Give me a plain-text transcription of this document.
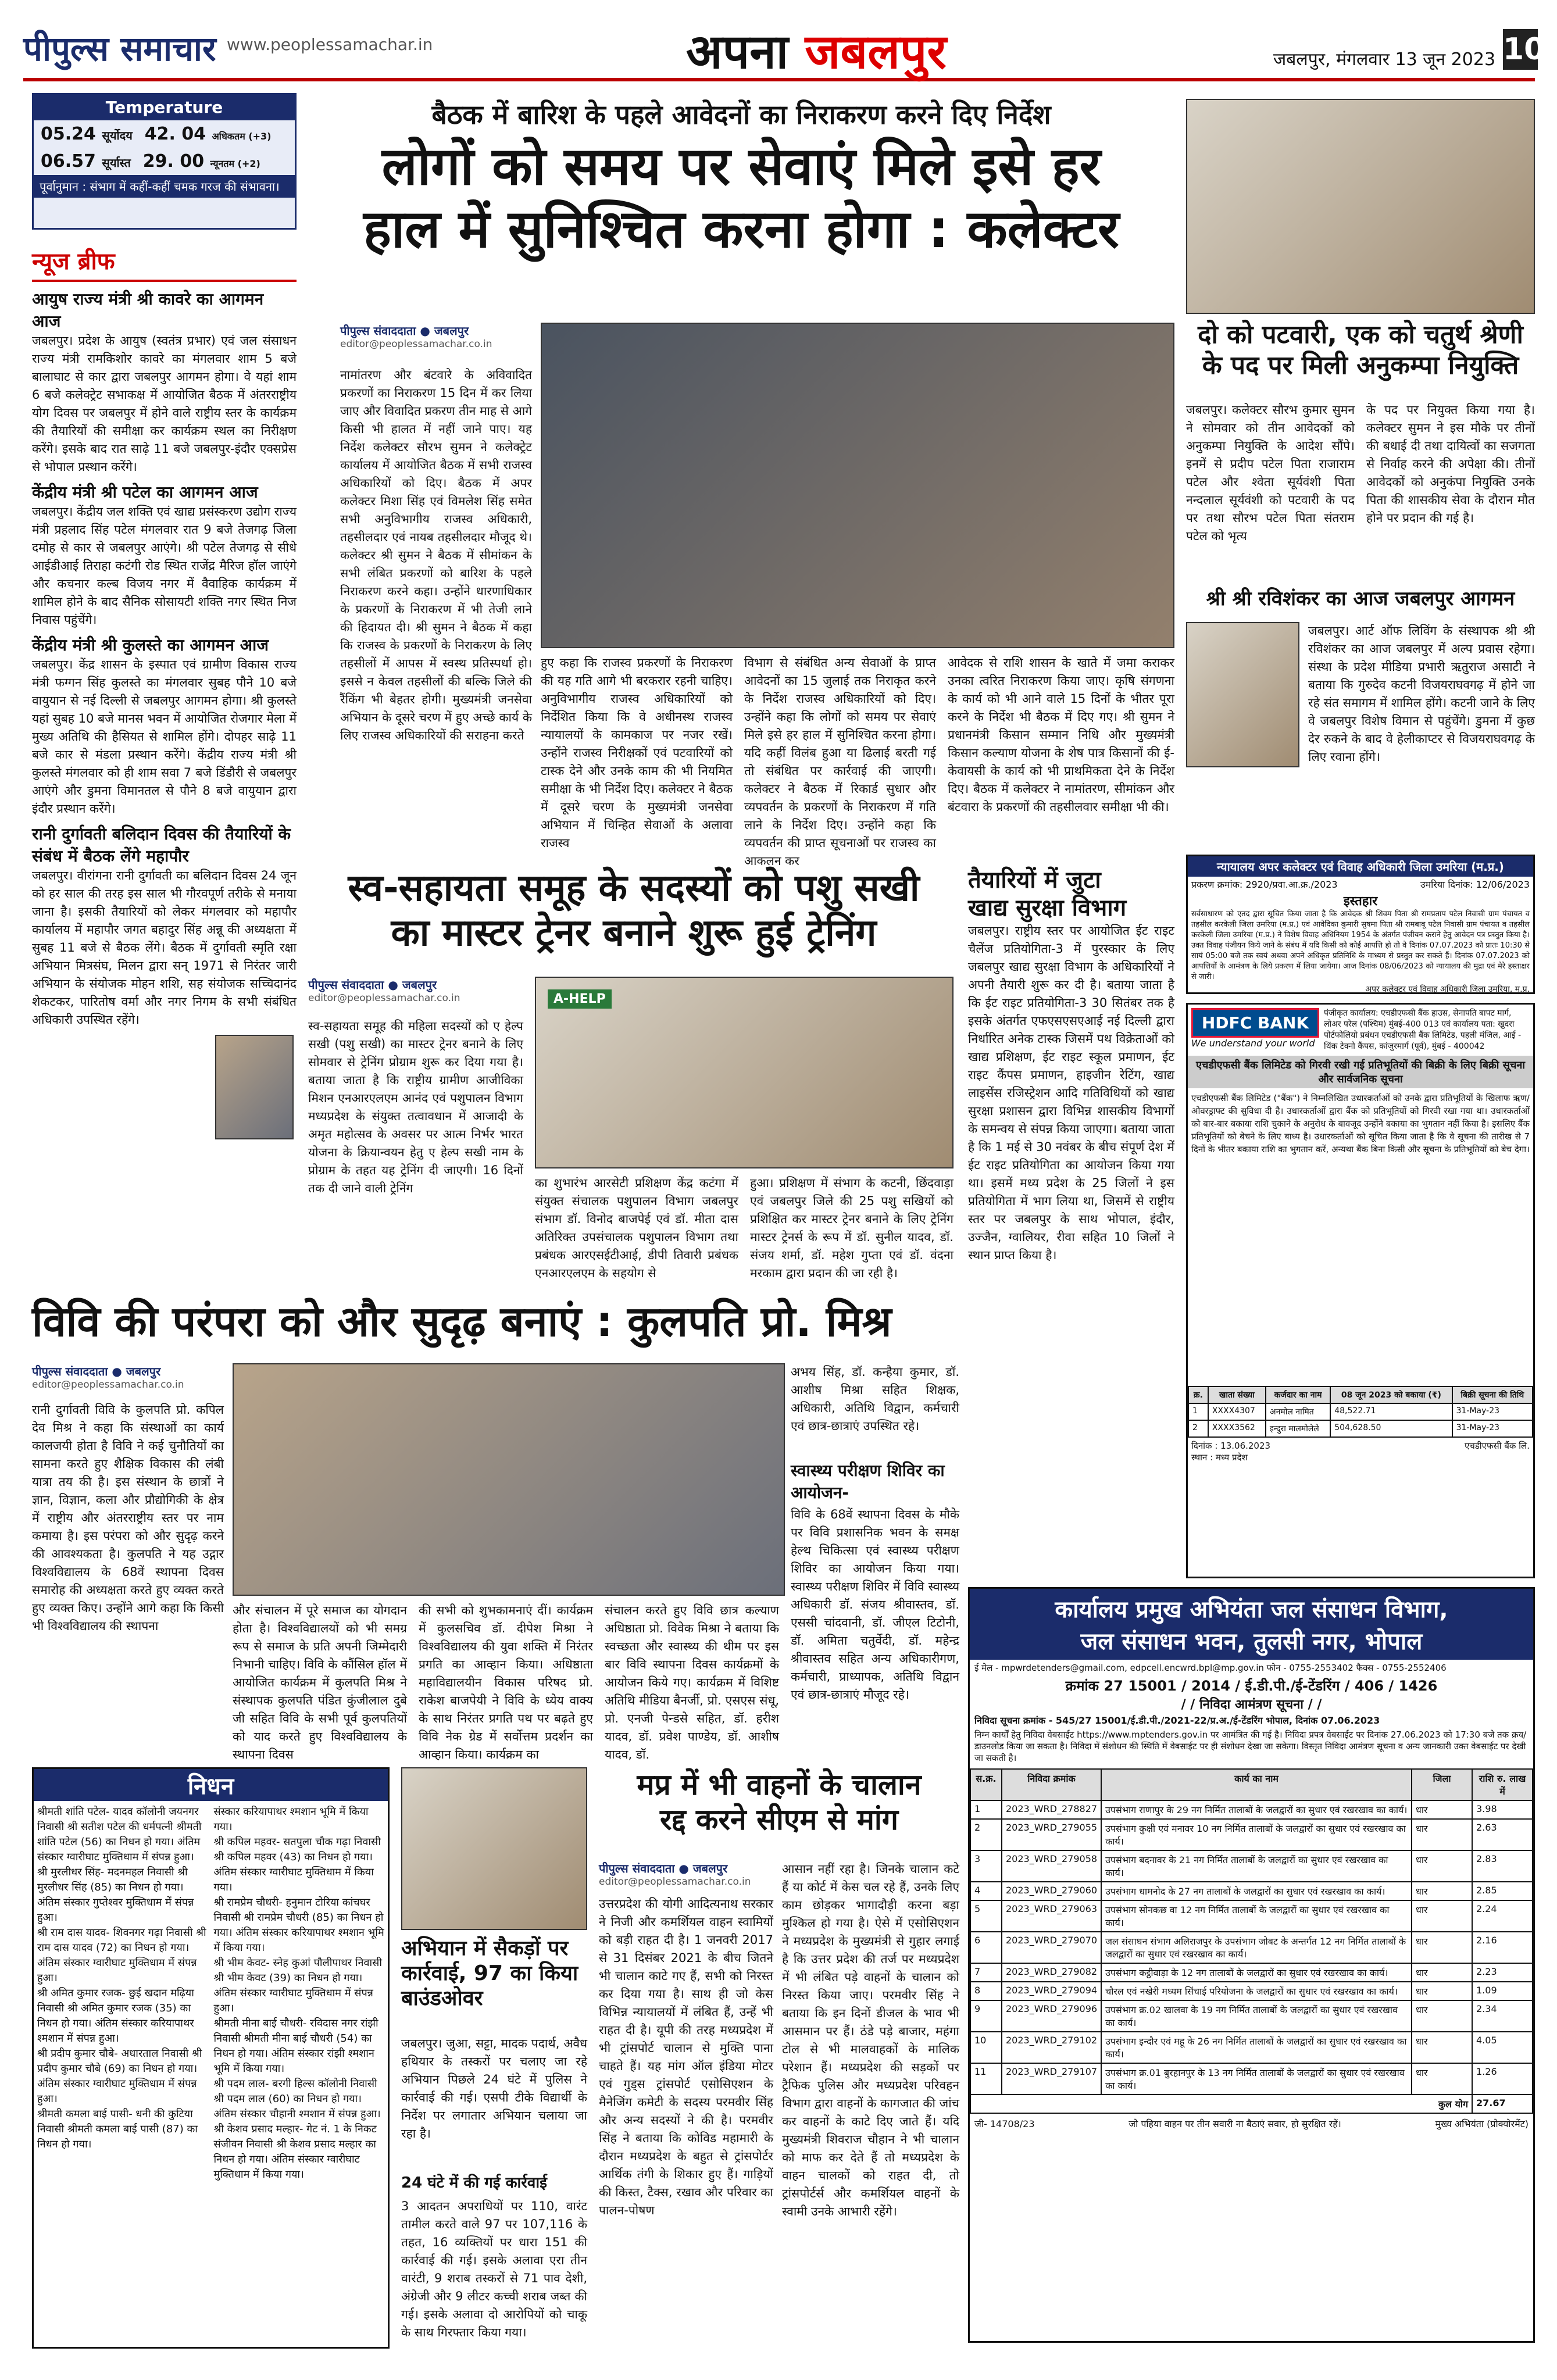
पीपुल्स समाचार www.peoplessamachar.in	अपना जबलपुर	जबलपुर, मंगलवार 13 जून 2023 10
Temperature
05.24 सूर्योदय 42. 04 अधिकतम (+3)
06.57 सूर्यास्त 29. 00 न्यूनतम (+2)
पूर्वानुमान : संभाग में कहीं-कहीं चमक गरज की संभावना।
न्यूज ब्रीफ
आयुष राज्य मंत्री श्री कावरे का आगमन आज
जबलपुर। प्रदेश के आयुष (स्वतंत्र प्रभार) एवं जल संसाधन राज्य मंत्री रामकिशोर कावरे का मंगलवार शाम 5 बजे बालाघाट से कार द्वारा जबलपुर आगमन होगा। वे यहां शाम 6 बजे कलेक्ट्रेट सभाकक्ष में आयोजित बैठक में अंतरराष्ट्रीय योग दिवस पर जबलपुर में होने वाले राष्ट्रीय स्तर के कार्यक्रम की तैयारियों की समीक्षा कर कार्यक्रम स्थल का निरीक्षण करेंगे। इसके बाद रात साढ़े 11 बजे जबलपुर-इंदौर एक्सप्रेस से भोपाल प्रस्थान करेंगे।
केंद्रीय मंत्री श्री पटेल का आगमन आज
जबलपुर। केंद्रीय जल शक्ति एवं खाद्य प्रसंस्करण उद्योग राज्य मंत्री प्रहलाद सिंह पटेल मंगलवार रात 9 बजे तेजगढ़ जिला दमोह से कार से जबलपुर आएंगे। श्री पटेल तेजगढ़ से सीधे आईडीआई तिराहा कटंगी रोड स्थित राजेंद्र मैरिज हॉल जाएंगे और कचनार कल्ब विजय नगर में वैवाहिक कार्यक्रम में शामिल होने के बाद सैनिक सोसायटी शक्ति नगर स्थित निज निवास पहुंचेंगे।
केंद्रीय मंत्री श्री कुलस्ते का आगमन आज
जबलपुर। केंद्र शासन के इस्पात एवं ग्रामीण विकास राज्य मंत्री फग्गन सिंह कुलस्ते का मंगलवार सुबह पौने 10 बजे वायुयान से नई दिल्ली से जबलपुर आगमन होगा। श्री कुलस्ते यहां सुबह 10 बजे मानस भवन में आयोजित रोजगार मेला में मुख्य अतिथि की हैसियत से शामिल होंगे। दोपहर साढ़े 11 बजे कार से मंडला प्रस्थान करेंगे। केंद्रीय राज्य मंत्री श्री कुलस्ते मंगलवार को ही शाम सवा 7 बजे डिंडौरी से जबलपुर आएंगे और डुमना विमानतल से पौने 8 बजे वायुयान द्वारा इंदौर प्रस्थान करेंगे।
रानी दुर्गावती बलिदान दिवस की तैयारियों के संबंध में बैठक लेंगे महापौर
जबलपुर। वीरांगना रानी दुर्गावती का बलिदान दिवस 24 जून को हर साल की तरह इस साल भी गौरवपूर्ण तरीके से मनाया जाना है। इसकी तैयारियों को लेकर मंगलवार को महापौर कार्यालय में महापौर जगत बहादुर सिंह अन्नू की अध्यक्षता में सुबह 11 बजे से बैठक लेंगे। बैठक में दुर्गावती स्मृति रक्षा अभियान मित्रसंघ, मिलन द्वारा सन् 1971 से निरंतर जारी अभियान के संयोजक मोहन शशि, सह संयोजक सच्चिदानंद शेकटकर, पारितोष वर्मा और नगर निगम के सभी संबंधित अधिकारी उपस्थित रहेंगे।
बैठक में बारिश के पहले आवेदनों का निराकरण करने दिए निर्देश
लोगों को समय पर सेवाएं मिले इसे हर
हाल में सुनिश्चित करना होगा : कलेक्टर
पीपुल्स संवाददाता ● जबलपुर
editor@peoplessamachar.co.in
नामांतरण और बंटवारे के अविवादित प्रकरणों का निराकरण 15 दिन में कर लिया जाए और विवादित प्रकरण तीन माह से आगे किसी भी हालत में नहीं जाने पाए। यह निर्देश कलेक्टर सौरभ सुमन ने कलेक्ट्रेट कार्यालय में आयोजित बैठक में सभी राजस्व अधिकारियों को दिए। बैठक में अपर कलेक्टर मिशा सिंह एवं विमलेश सिंह समेत सभी अनुविभागीय राजस्व अधिकारी, तहसीलदार एवं नायब तहसीलदार मौजूद थे। कलेक्टर श्री सुमन ने बैठक में सीमांकन के सभी लंबित प्रकरणों को बारिश के पहले निराकरण करने कहा। उन्होंने धारणाधिकार के प्रकरणों के निराकरण में भी तेजी लाने की हिदायत दी। श्री सुमन ने बैठक में कहा कि राजस्व के प्रकरणों के निराकरण के लिए तहसीलों में आपस में स्वस्थ प्रतिस्पर्धा हो। इससे न केवल तहसीलों की बल्कि जिले की रैंकिंग भी बेहतर होगी। मुख्यमंत्री जनसेवा अभियान के दूसरे चरण में हुए अच्छे कार्य के लिए राजस्व अधिकारियों की सराहना करते
हुए कहा कि राजस्व प्रकरणों के निराकरण की यह गति आगे भी बरकरार रहनी चाहिए। अनुविभागीय राजस्व अधिकारियों को निर्देशित किया कि वे अधीनस्थ राजस्व न्यायालयों के कामकाज पर नजर रखें। उन्होंने राजस्व निरीक्षकों एवं पटवारियों को टास्क देने और उनके काम की भी नियमित समीक्षा के भी निर्देश दिए। कलेक्टर ने बैठक में दूसरे चरण के मुख्यमंत्री जनसेवा अभियान में चिन्हित सेवाओं के अलावा राजस्व
विभाग से संबंधित अन्य सेवाओं के प्राप्त आवेदनों का 15 जुलाई तक निराकृत करने के निर्देश राजस्व अधिकारियों को दिए। उन्होंने कहा कि लोगों को समय पर सेवाएं मिले इसे हर हाल में सुनिश्चित करना होगा। यदि कहीं विलंब हुआ या ढिलाई बरती गई तो संबंधित पर कार्रवाई की जाएगी। कलेक्टर ने बैठक में रिकार्ड सुधार और व्यपवर्तन के प्रकरणों के निराकरण में गति लाने के निर्देश दिए। उन्होंने कहा कि व्यपवर्तन की प्राप्त सूचनाओं पर राजस्व का आकलन कर
आवेदक से राशि शासन के खाते में जमा कराकर उनका त्वरित निराकरण किया जाए। कृषि संगणना के कार्य को भी आने वाले 15 दिनों के भीतर पूरा करने के निर्देश भी बैठक में दिए गए। श्री सुमन ने प्रधानमंत्री किसान सम्मान निधि और मुख्यमंत्री किसान कल्याण योजना के शेष पात्र किसानों की ई-केवायसी के कार्य को भी प्राथमिकता देने के निर्देश दिए। बैठक में कलेक्टर ने नामांतरण, सीमांकन और बंटवारा के प्रकरणों की तहसीलवार समीक्षा भी की।
दो को पटवारी, एक को चतुर्थ श्रेणी के पद पर मिली अनुकम्पा नियुक्ति
जबलपुर। कलेक्टर सौरभ कुमार सुमन ने सोमवार को तीन आवेदकों को अनुकम्पा नियुक्ति के आदेश सौंपे। इनमें से प्रदीप पटेल पिता राजाराम पटेल और श्वेता सूर्यवंशी पिता नन्दलाल सूर्यवंशी को पटवारी के पद पर तथा सौरभ पटेल पिता संतराम पटेल को भृत्य
के पद पर नियुक्त किया गया है। कलेक्टर सुमन ने इस मौके पर तीनों की बधाई दी तथा दायित्वों का सजगता से निर्वाह करने की अपेक्षा की। तीनों आवेदकों को अनुकंपा नियुक्ति उनके पिता की शासकीय सेवा के दौरान मौत होने पर प्रदान की गई है।
श्री श्री रविशंकर का आज जबलपुर आगमन
जबलपुर। आर्ट ऑफ लिविंग के संस्थापक श्री श्री रविशंकर का आज जबलपुर में अल्प प्रवास रहेगा। संस्था के प्रदेश मीडिया प्रभारी ऋतुराज असाटी ने बताया कि गुरुदेव कटनी विजयराघवगढ़ में होने जा रहे संत समागम में शामिल होंगे। कटनी जाने के लिए वे जबलपुर विशेष विमान से पहुंचेंगे। डुमना में कुछ देर रुकने के बाद वे हेलीकाप्टर से विजयराघवगढ़ के लिए रवाना होंगे।
न्यायालय अपर कलेक्टर एवं विवाह अधिकारी जिला उमरिया (म.प्र.)
प्रकरण क्रमांक: 2920/प्रवा.आ.क्र./2023	उमरिया दिनांक: 12/06/2023
इस्तहार
सर्वसाधारण को एतद द्वारा सूचित किया जाता है कि आवेदक श्री शिवम पिता श्री रामप्रताप पटेल निवासी ग्राम पंचायत व तहसील करकेली जिला उमरिया (म.प्र.) एवं आवेदिका कुमारी सुषमा पिता श्री रामबाबू पटेल निवासी ग्राम पंचायत व तहसील करकेली जिला उमरिया (म.प्र.) ने विशेष विवाह अधिनियम 1954 के अंतर्गत पंजीयन कराने हेतु आवेदन पत्र प्रस्तुत किया है। उक्त विवाह पंजीयन किये जाने के संबंध में यदि किसी को कोई आपत्ति हो तो वे दिनांक 07.07.2023 को प्रातः 10:30 से सायं 05:00 बजे तक स्वयं अथवा अपने अधिकृत प्रतिनिधि के माध्यम से प्रस्तुत कर सकते हैं। दिनांक 07.07.2023 को आपत्तियों के आमंत्रण के लिये प्रकरण में लिया जायेगा। आज दिनांक 08/06/2023 को न्यायालय की मुद्रा एवं मेरे हस्ताक्षर से जारी।
अपर कलेक्टर एवं विवाह अधिकारी जिला उमरिया, म.प्र.
HDFC BANK
We understand your world
पंजीकृत कार्यालय: एचडीएफसी बैंक हाउस, सेनापति बापट मार्ग, लोअर परेल (पश्चिम) मुंबई-400 013 एवं कार्यालय पता: खुदरा पोर्टफोलियो प्रबंधन एचडीएफसी बैंक लिमिटेड, पहली मंजिल, आई - थिंक टेक्नो कैंपस, कांजुरमार्ग (पूर्व), मुंबई - 400042
एचडीएफसी बैंक लिमिटेड को गिरवी रखी गई प्रतिभूतियों की बिक्री के लिए बिक्री सूचना और सार्वजनिक सूचना
एचडीएफसी बैंक लिमिटेड ("बैंक") ने निम्नलिखित उधारकर्ताओं को उनके द्वारा प्रतिभूतियों के खिलाफ ऋण/ओवरड्राफ्ट की सुविधा दी है। उधारकर्ताओं द्वारा बैंक को प्रतिभूतियों को गिरवी रखा गया था। उधारकर्ताओं को बार-बार बकाया राशि चुकाने के अनुरोध के बावजूद उन्होंने बकाया का भुगतान नहीं किया है। इसलिए बैंक प्रतिभूतियों को बेचने के लिए बाध्य है। उधारकर्ताओं को सूचित किया जाता है कि वे सूचना की तारीख से 7 दिनों के भीतर बकाया राशि का भुगतान करें, अन्यथा बैंक बिना किसी और सूचना के प्रतिभूतियों को बेच देगा।
क्र.	खाता संख्या	कर्जदार का नाम	08 जून 2023 को बकाया (₹)	बिक्री सूचना की तिथि
1	XXXX4307	अनमोल नामित	48,522.71	31-May-23
2	XXXX3562	इन्दुरा मालमोलेले	504,628.50	31-May-23
दिनांक : 13.06.2023
स्थान : मध्य प्रदेश
एचडीएफसी बैंक लि.
स्व-सहायता समूह के सदस्यों को पशु सखी
का मास्टर ट्रेनर बनाने शुरू हुई ट्रेनिंग
पीपुल्स संवाददाता ● जबलपुर
editor@peoplessamachar.co.in
स्व-सहायता समूह की महिला सदस्यों को ए हेल्प सखी (पशु सखी) का मास्टर ट्रेनर बनाने के लिए सोमवार से ट्रेनिंग प्रोग्राम शुरू कर दिया गया है। बताया जाता है कि राष्ट्रीय ग्रामीण आजीविका मिशन एनआरएलएम आनंद एवं पशुपालन विभाग मध्यप्रदेश के संयुक्त तत्वावधान में आजादी के अमृत महोत्सव के अवसर पर आत्म निर्भर भारत योजना के क्रियान्वयन हेतु ए हेल्प सखी नाम के प्रोग्राम के तहत यह ट्रेनिंग दी जाएगी। 16 दिनों तक दी जाने वाली ट्रेनिंग
A-HELP
का शुभारंभ आरसेटी प्रशिक्षण केंद्र कटंगा में संयुक्त संचालक पशुपालन विभाग जबलपुर संभाग डॉ. विनोद बाजपेई एवं डॉ. मीता दास अतिरिक्त उपसंचालक पशुपालन विभाग तथा प्रबंधक आरएसईटीआई, डीपी तिवारी प्रबंधक एनआरएलएम के सहयोग से
हुआ। प्रशिक्षण में संभाग के कटनी, छिंदवाड़ा एवं जबलपुर जिले की 25 पशु सखियों को प्रशिक्षित कर मास्टर ट्रेनर बनाने के लिए ट्रेनिंग मास्टर ट्रेनर्स के रूप में डॉ. सुनील यादव, डॉ. संजय शर्मा, डॉ. महेश गुप्ता एवं डॉ. वंदना मरकाम द्वारा प्रदान की जा रही है।
तैयारियों में जुटा
खाद्य सुरक्षा विभाग
जबलपुर। राष्ट्रीय स्तर पर आयोजित ईट राइट चैलेंज प्रतियोगिता-3 में पुरस्कार के लिए जबलपुर खाद्य सुरक्षा विभाग के अधिकारियों ने अपनी तैयारी शुरू कर दी है। बताया जाता है कि ईट राइट प्रतियोगिता-3 30 सितंबर तक है इसके अंतर्गत एफएसएसएआई नई दिल्ली द्वारा निर्धारित अनेक टास्क जिसमें पथ विक्रेताओं को खाद्य प्रशिक्षण, ईट राइट स्कूल प्रमाणन, ईट राइट कैंपस प्रमाणन, हाइजीन रेटिंग, खाद्य लाइसेंस रजिस्ट्रेशन आदि गतिविधियों को खाद्य सुरक्षा प्रशासन द्वारा विभिन्न शासकीय विभागों के समन्वय से संपन्न किया जाएगा। बताया जाता है कि 1 मई से 30 नवंबर के बीच संपूर्ण देश में ईट राइट प्रतियोगिता का आयोजन किया गया था। इसमें मध्य प्रदेश के 25 जिलों ने इस प्रतियोगिता में भाग लिया था, जिसमें से राष्ट्रीय स्तर पर जबलपुर के साथ भोपाल, इंदौर, उज्जैन, ग्वालियर, रीवा सहित 10 जिलों ने स्थान प्राप्त किया है।
विवि की परंपरा को और सुदृढ़ बनाएं : कुलपति प्रो. मिश्र
पीपुल्स संवाददाता ● जबलपुर
editor@peoplessamachar.co.in
रानी दुर्गावती विवि के कुलपति प्रो. कपिल देव मिश्र ने कहा कि संस्थाओं का कार्य कालजयी होता है विवि ने कई चुनौतियों का सामना करते हुए शैक्षिक विकास की लंबी यात्रा तय की है। इस संस्थान के छात्रों ने ज्ञान, विज्ञान, कला और प्रौद्योगिकी के क्षेत्र में राष्ट्रीय और अंतरराष्ट्रीय स्तर पर नाम कमाया है। इस परंपरा को और सुदृढ़ करने की आवश्यकता है। कुलपति ने यह उद्गार विश्वविद्यालय के 68वें स्थापना दिवस समारोह की अध्यक्षता करते हुए व्यक्त करते हुए व्यक्त किए। उन्होंने आगे कहा कि किसी भी विश्वविद्यालय की स्थापना
और संचालन में पूरे समाज का योगदान होता है। विश्वविद्यालयों को भी समग्र रूप से समाज के प्रति अपनी जिम्मेदारी निभानी चाहिए। विवि के कौंसिल हॉल में आयोजित कार्यक्रम में कुलपति मिश्र ने संस्थापक कुलपति पंडित कुंजीलाल दुबे जी सहित विवि के सभी पूर्व कुलपतियों को याद करते हुए विश्वविद्यालय के स्थापना दिवस
की सभी को शुभकामनाएं दीं। कार्यक्रम में कुलसचिव डॉ. दीपेश मिश्रा ने विश्वविद्यालय की युवा शक्ति में निरंतर प्रगति का आव्हान किया। अधिष्ठाता महाविद्यालयीन विकास परिषद प्रो. राकेश बाजपेयी ने विवि के ध्येय वाक्य के साथ निरंतर प्रगति पथ पर बढ़ते हुए विवि नेक ग्रेड में सर्वोत्तम प्रदर्शन का आव्हान किया। कार्यक्रम का
संचालन करते हुए विवि छात्र कल्याण अधिष्ठाता प्रो. विवेक मिश्रा ने बताया कि स्वच्छता और स्वास्थ्य की थीम पर इस बार विवि स्थापना दिवस कार्यक्रमों के आयोजन किये गए। कार्यक्रम में विशिष्ट अतिथि मीडिया बैनर्जी, प्रो. एसएस संधू, प्रो. एनजी पेन्डसे सहित, डॉ. हरीश यादव, डॉ. प्रवेश पाण्डेय, डॉ. आशीष यादव, डॉ.
अभय सिंह, डॉ. कन्हैया कुमार, डॉ. आशीष मिश्रा सहित शिक्षक, अधिकारी, अतिथि विद्वान, कर्मचारी एवं छात्र-छात्राएं उपस्थित रहे।
स्वास्थ्य परीक्षण शिविर का आयोजन-
विवि के 68वें स्थापना दिवस के मौके पर विवि प्रशासनिक भवन के समक्ष हेल्थ चिकित्सा एवं स्वास्थ्य परीक्षण शिविर का आयोजन किया गया। स्वास्थ्य परीक्षण शिविर में विवि स्वास्थ्य अधिकारी डॉ. संजय श्रीवास्तव, डॉ. एससी चांदवानी, डॉ. जीएल टिटोनी, डॉ. अमिता चतुर्वेदी, डॉ. महेन्द्र श्रीवास्तव सहित अन्य अधिकारीगण, कर्मचारी, प्राध्यापक, अतिथि विद्वान एवं छात्र-छात्राएं मौजूद रहे।
कार्यालय प्रमुख अभियंता जल संसाधन विभाग,
जल संसाधन भवन, तुलसी नगर, भोपाल
ई मेल - mpwrdetenders@gmail.com, edpcell.encwrd.bpl@mp.gov.in फोन - 0755-2553402 फैक्स - 0755-2552406
क्रमांक 27 15001 / 2014 / ई.डी.पी./ई-टेंडरिंग / 406 / 1426
/ / निविदा आमंत्रण सूचना / /
निविदा सूचना क्रमांक - 545/27 15001/ई.डी.पी./2021-22/प्र.अ./ई-टेंडरिंग भोपाल, दिनांक 07.06.2023
निम्न कार्यों हेतु निविदा वेबसाईट https://www.mptenders.gov.in पर आमंत्रित की गई है। निविदा प्रपत्र वेबसाईट पर दिनांक 27.06.2023 को 17:30 बजे तक क्रय/डाउनलोड किया जा सकता है। निविदा में संशोधन की स्थिति में वेबसाईट पर ही संशोधन देखा जा सकेगा। विस्तृत निविदा आमंत्रण सूचना व अन्य जानकारी उक्त वेबसाईट पर देखी जा सकती है।
स.क्र.	निविदा क्रमांक	कार्य का नाम	जिला	राशि रु. लाख में
1	2023_WRD_278827	उपसंभाग राणापुर के 29 नग निर्मित तालाबों के जलद्वारों का सुधार एवं रखरखाव का कार्य।	धार	3.98
2	2023_WRD_279055	उपसंभाग कुक्षी एवं मनावर 10 नग निर्मित तालाबों के जलद्वारों का सुधार एवं रखरखाव का कार्य।	धार	2.63
3	2023_WRD_279058	उपसंभाग बदनावर के 21 नग निर्मित तालाबों के जलद्वारों का सुधार एवं रखरखाव का कार्य।	धार	2.83
4	2023_WRD_279060	उपसंभाग धामनोद के 27 नग तालाबों के जलद्वारों का सुधार एवं रखरखाव का कार्य।	धार	2.85
5	2023_WRD_279063	उपसंभाग सोनकछ वा 12 नग निर्मित तालाबों के जलद्वारों का सुधार एवं रखरखाव का कार्य।	धार	2.24
6	2023_WRD_279070	जल संसाधन संभाग अलिराजपुर के उपसंभाग जोबट के अन्तर्गत 12 नग निर्मित तालाबों के जलद्वारों का सुधार एवं रखरखाव का कार्य।	धार	2.16
7	2023_WRD_279082	उपसंभाग कट्ठीवाड़ा के 12 नग तालाबों के जलद्वारों का सुधार एवं रखरखाव का कार्य।	धार	2.23
8	2023_WRD_279094	चौरल एवं नखेरी मध्यम सिंचाई परियोजना के जलद्वारों का सुधार एवं रखरखाव का कार्य।	धार	1.09
9	2023_WRD_279096	उपसंभाग क्र.02 खालवा के 19 नग निर्मित तालाबों के जलद्वारों का सुधार एवं रखरखाव का कार्य।	धार	2.34
10	2023_WRD_279102	उपसंभाग इन्दौर एवं महू के 26 नग निर्मित तालाबों के जलद्वारों का सुधार एवं रखरखाव का कार्य।	धार	4.05
11	2023_WRD_279107	उपसंभाग क्र.01 बुरहानपुर के 13 नग निर्मित तालाबों के जलद्वारों का सुधार एवं रखरखाव का कार्य।	धार	1.26
कुल योग				27.67
जी- 14708/23	जो पहिया वाहन पर तीन सवारी ना बैठाएं सवार, हो सुरक्षित रहें।	मुख्य अभियंता (प्रोक्योरमेंट)
निधन
श्रीमती शांति पटेल- यादव कॉलोनी जयनगर निवासी श्री सतीश पटेल की धर्मपत्नी श्रीमती शांति पटेल (56) का निधन हो गया। अंतिम संस्कार ग्वारीघाट मुक्तिधाम में संपन्न हुआ।
श्री मुरलीधर सिंह- मदनमहल निवासी श्री मुरलीधर सिंह (85) का निधन हो गया। अंतिम संस्कार गुप्तेश्वर मुक्तिधाम में संपन्न हुआ।
श्री राम दास यादव- शिवनगर गढ़ा निवासी श्री राम दास यादव (72) का निधन हो गया। अंतिम संस्कार ग्वारीघाट मुक्तिधाम में संपन्न हुआ।
श्री अमित कुमार रजक- छुई खदान मढ़िया निवासी श्री अमित कुमार रजक (35) का निधन हो गया। अंतिम संस्कार करियापाथर श्मशान में संपन्न हुआ।
श्री प्रदीप कुमार चौबे- अधारताल निवासी श्री प्रदीप कुमार चौबे (69) का निधन हो गया। अंतिम संस्कार ग्वारीघाट मुक्तिधाम में संपन्न हुआ।
श्रीमती कमला बाई पासी- धनी की कुटिया निवासी श्रीमती कमला बाई पासी (87) का निधन हो गया।
संस्कार करियापाथर श्मशान भूमि में किया गया।
श्री कपिल महवर- सतपुला चौक गढ़ा निवासी श्री कपिल महवर (43) का निधन हो गया। अंतिम संस्कार ग्वारीघाट मुक्तिधाम में किया गया।
श्री रामप्रेम चौधरी- हनुमान टोरिया कांचघर निवासी श्री रामप्रेम चौधरी (85) का निधन हो गया। अंतिम संस्कार करियापाथर श्मशान भूमि में किया गया।
श्री भीम केवट- स्नेह कुआं पौलीपाथर निवासी श्री भीम केवट (39) का निधन हो गया। अंतिम संस्कार ग्वारीघाट मुक्तिधाम में संपन्न हुआ।
श्रीमती मीना बाई चौधरी- रविदास नगर रांझी निवासी श्रीमती मीना बाई चौधरी (54) का निधन हो गया। अंतिम संस्कार रांझी श्मशान भूमि में किया गया।
श्री पदम लाल- बरगी हिल्स कॉलोनी निवासी श्री पदम लाल (60) का निधन हो गया। अंतिम संस्कार चौहानी श्मशान में संपन्न हुआ।
श्री केशव प्रसाद मल्हार- गेट नं. 1 के निकट संजीवन निवासी श्री केशव प्रसाद मल्हार का निधन हो गया। अंतिम संस्कार ग्वारीघाट मुक्तिधाम में किया गया।
अभियान में सैकड़ों पर कार्रवाई, 97 का किया बाउंडओवर
जबलपुर। जुआ, सट्टा, मादक पदार्थ, अवैध हथियार के तस्करों पर चलाए जा रहे अभियान पिछले 24 घंटे में पुलिस ने कार्रवाई की गई। एसपी टीके विद्यार्थी के निर्देश पर लगातार अभियान चलाया जा रहा है।
24 घंटे में की गई कार्रवाई
3 आदतन अपराधियों पर 110, वारंट तामील करते वाले 97 पर 107,116 के तहत, 16 व्यक्तियों पर धारा 151 की कार्रवाई की गई। इसके अलावा एरा तीन वारंटी, 9 शराब तस्करों से 71 पाव देशी, अंग्रेजी और 9 लीटर कच्ची शराब जब्त की गई। इसके अलावा दो आरोपियों को चाकू के साथ गिरफ्तार किया गया।
मप्र में भी वाहनों के चालान
रद्द करने सीएम से मांग
पीपुल्स संवाददाता ● जबलपुर
editor@peoplessamachar.co.in
उत्तरप्रदेश की योगी आदित्यनाथ सरकार ने निजी और कमर्शियल वाहन स्वामियों को बड़ी राहत दी है। 1 जनवरी 2017 से 31 दिसंबर 2021 के बीच जितने भी चालान काटे गए हैं, सभी को निरस्त कर दिया गया है। साथ ही जो केस विभिन्न न्यायालयों में लंबित हैं, उन्हें भी राहत दी है। यूपी की तरह मध्यप्रदेश में भी ट्रांसपोर्ट चालान से मुक्ति पाना चाहते हैं। यह मांग ऑल इंडिया मोटर एवं गुड्स ट्रांसपोर्ट एसोसिएशन के मैनेजिंग कमेटी के सदस्य परमवीर सिंह और अन्य सदस्यों ने की है। परमवीर सिंह ने बताया कि कोविड महामारी के दौरान मध्यप्रदेश के बहुत से ट्रांसपोर्टर आर्थिक तंगी के शिकार हुए हैं। गाड़ियों की किस्त, टैक्स, रखाव और परिवार का पालन-पोषण
आसान नहीं रहा है। जिनके चालान कटे हैं या कोर्ट में केस चल रहे हैं, उनके लिए काम छोड़कर भागादौड़ी करना बड़ा मुश्किल हो गया है। ऐसे में एसोसिएशन ने मध्यप्रदेश के मुख्यमंत्री से गुहार लगाई है कि उत्तर प्रदेश की तर्ज पर मध्यप्रदेश में भी लंबित पड़े वाहनों के चालान को निरस्त किया जाए। परमवीर सिंह ने बताया कि इन दिनों डीजल के भाव भी आसमान पर हैं। ठंडे पड़े बाजार, महंगा टोल से भी मालवाहकों के मालिक परेशान हैं। मध्यप्रदेश की सड़कों पर ट्रैफिक पुलिस और मध्यप्रदेश परिवहन विभाग द्वारा वाहनों के कागजात की जांच कर वाहनों के काटे दिए जाते हैं। यदि मुख्यमंत्री शिवराज चौहान ने भी चालान को माफ कर देते हैं तो मध्यप्रदेश के वाहन चालकों को राहत दी, तो ट्रांसपोर्टर्स और कमर्शियल वाहनों के स्वामी उनके आभारी रहेंगे।
